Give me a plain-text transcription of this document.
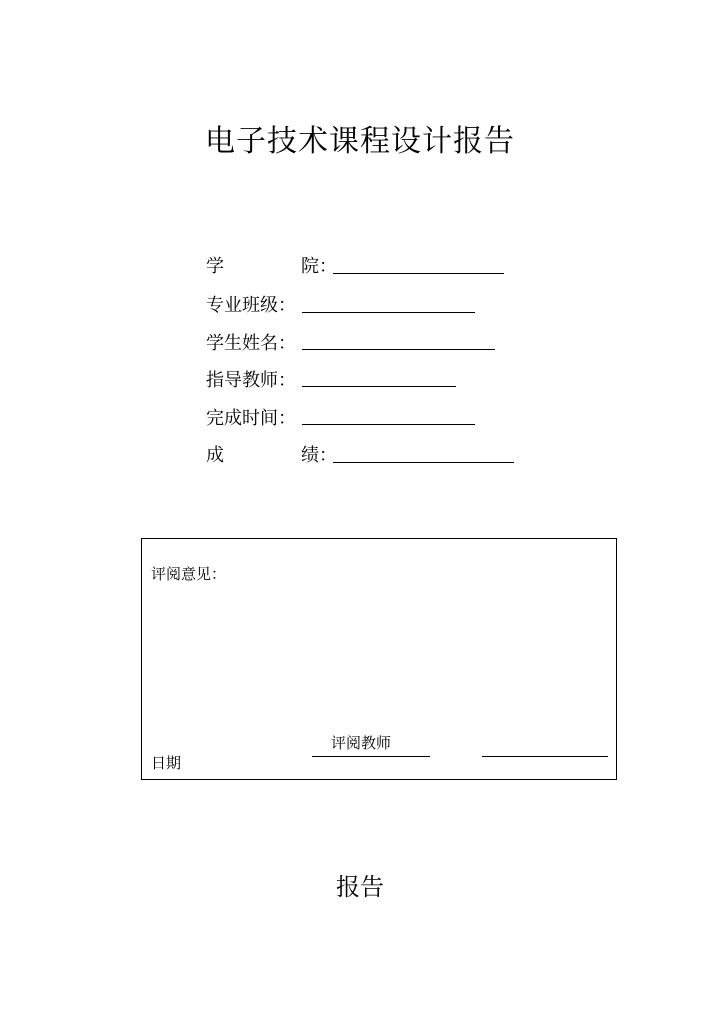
电子技术课程设计报告
学	院：
专业班级：
学生姓名：
指导教师：
完成时间：
成	绩：
评阅意见：
评阅教师
日期
报告
